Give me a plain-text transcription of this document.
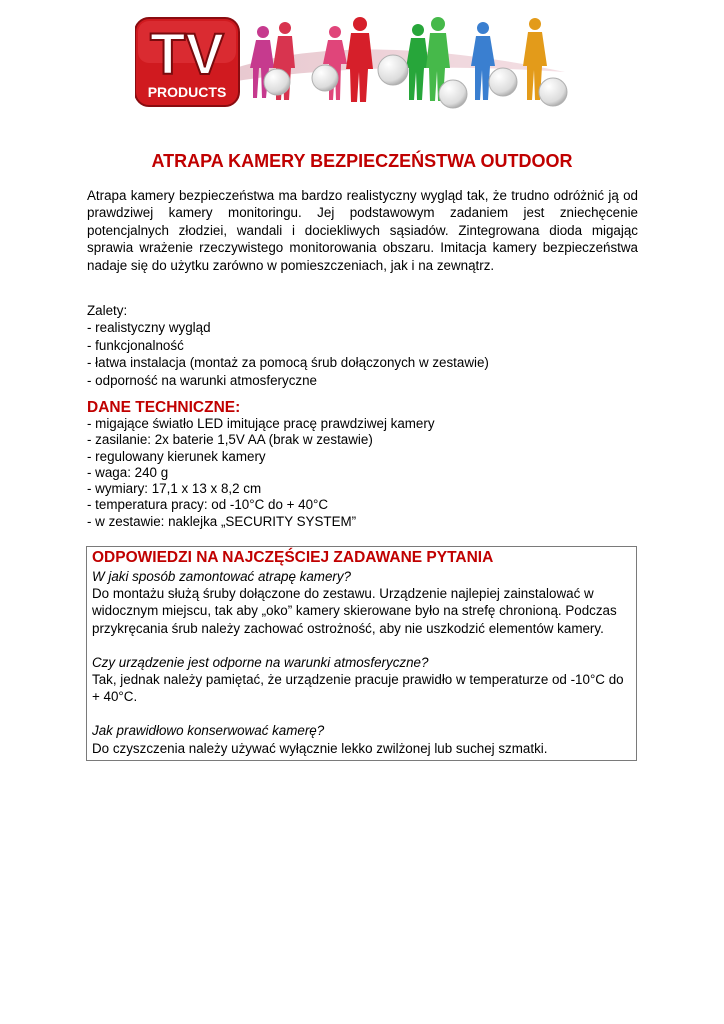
TV
PRODUCTS
ATRAPA KAMERY BEZPIECZEŃSTWA OUTDOOR

Atrapa kamery bezpieczeństwa ma bardzo realistyczny wygląd tak, że trudno odróżnić ją od prawdziwej kamery monitoringu. Jej podstawowym zadaniem jest zniechęcenie potencjalnych złodziei, wandali i dociekliwych sąsiadów. Zintegrowana dioda migając sprawia wrażenie rzeczywistego monitorowania obszaru. Imitacja kamery bezpieczeństwa nadaje się do użytku zarówno w pomieszczeniach, jak i na zewnątrz.

Zalety:
- realistyczny wygląd
- funkcjonalność
- łatwa instalacja (montaż za pomocą śrub dołączonych w zestawie)
- odporność na warunki atmosferyczne
DANE TECHNICZNE:
- migające światło LED imitujące pracę prawdziwej kamery
- zasilanie: 2x baterie 1,5V AA (brak w zestawie)
- regulowany kierunek kamery
- waga: 240 g
- wymiary: 17,1 x 13 x 8,2 cm
- temperatura pracy: od -10°C do + 40°C
- w zestawie: naklejka „SECURITY SYSTEM”
ODPOWIEDZI NA NAJCZĘŚCIEJ ZADAWANE PYTANIA
W jaki sposób zamontować atrapę kamery?
Do montażu służą śruby dołączone do zestawu. Urządzenie najlepiej zainstalować w widocznym miejscu, tak aby „oko” kamery skierowane było na strefę chronioną. Podczas przykręcania śrub należy zachować ostrożność, aby nie uszkodzić elementów kamery.
Czy urządzenie jest odporne na warunki atmosferyczne?
Tak, jednak należy pamiętać, że urządzenie pracuje prawidło w temperaturze od -10°C do + 40°C.
Jak prawidłowo konserwować kamerę?
Do czyszczenia należy używać wyłącznie lekko zwilżonej lub suchej szmatki.
